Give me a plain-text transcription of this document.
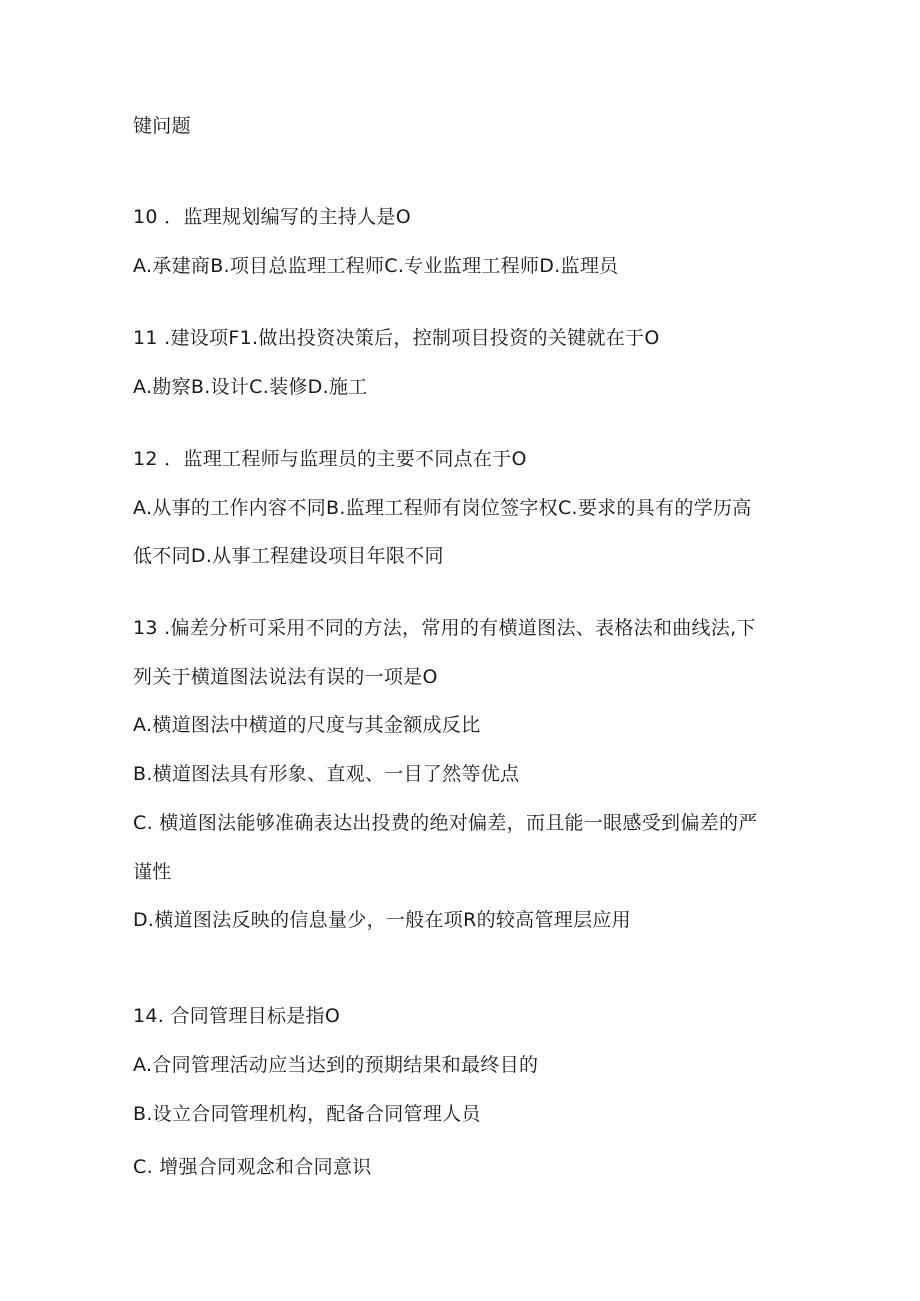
键问题
10 ．监理规划编写的主持人是O
A.承建商B.项目总监理工程师C.专业监理工程师D.监理员
11 .建设项F1.做出投资决策后，控制项目投资的关键就在于O
A.勘察B.设计C.装修D.施工
12 ．监理工程师与监理员的主要不同点在于O
A.从事的工作内容不同B.监理工程师有岗位签字权C.要求的具有的学历高
低不同D.从事工程建设项目年限不同
13 .偏差分析可采用不同的方法，常用的有横道图法、表格法和曲线法,下
列关于横道图法说法有误的一项是O
A.横道图法中横道的尺度与其金额成反比
B.横道图法具有形象、直观、一目了然等优点
C. 横道图法能够准确表达出投费的绝对偏差，而且能一眼感受到偏差的严
谨性
D.横道图法反映的信息量少，一般在项R的较高管理层应用
14. 合同管理目标是指O
A.合同管理活动应当达到的预期结果和最终目的
B.设立合同管理机构，配备合同管理人员
C. 增强合同观念和合同意识
